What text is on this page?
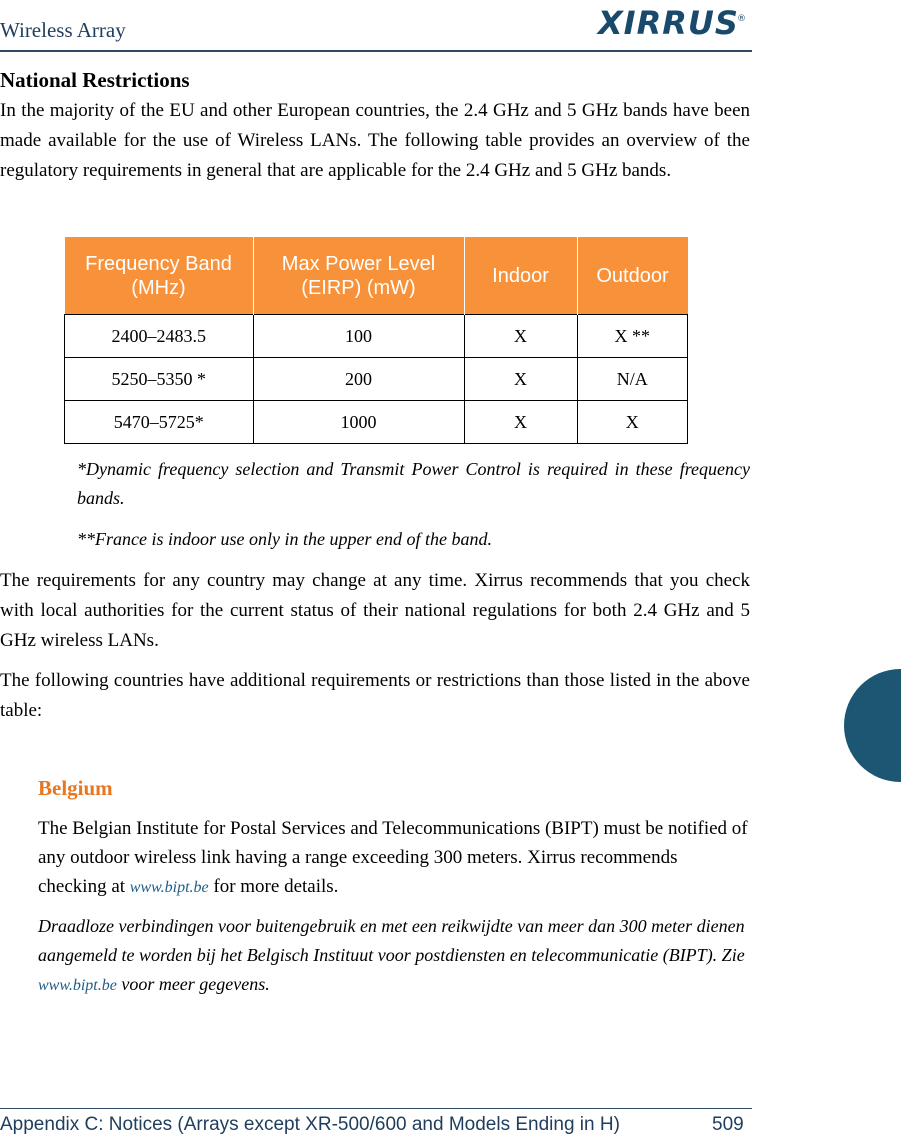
Wireless Array	XIRRUS
®
National Restrictions
In the majority of the EU and other European countries, the 2.4 GHz and 5 GHz bands have been made available for the use of Wireless LANs. The following table provides an overview of the regulatory requirements in general that are applicable for the 2.4 GHz and 5 GHz bands.
Frequency Band (MHz)	Max Power Level (EIRP) (mW)	Indoor	Outdoor
2400–2483.5	100	X	X **
5250–5350 *	200	X	N/A
5470–5725*	1000	X	X
*Dynamic frequency selection and Transmit Power Control is required in these frequency bands.
**France is indoor use only in the upper end of the band.
The requirements for any country may change at any time. Xirrus recommends that you check with local authorities for the current status of their national regulations for both 2.4 GHz and 5 GHz wireless LANs.
The following countries have additional requirements or restrictions than those listed in the above table:
Belgium
The Belgian Institute for Postal Services and Telecommunications (BIPT) must be notified of any outdoor wireless link having a range exceeding 300 meters. Xirrus recommends checking at www.bipt.be for more details.
Draadloze verbindingen voor buitengebruik en met een reikwijdte van meer dan 300 meter dienen aangemeld te worden bij het Belgisch Instituut voor postdiensten en telecommunicatie (BIPT). Zie www.bipt.be voor meer gegevens.
Appendix C: Notices (Arrays except XR-500/600 and Models Ending in H)	509
